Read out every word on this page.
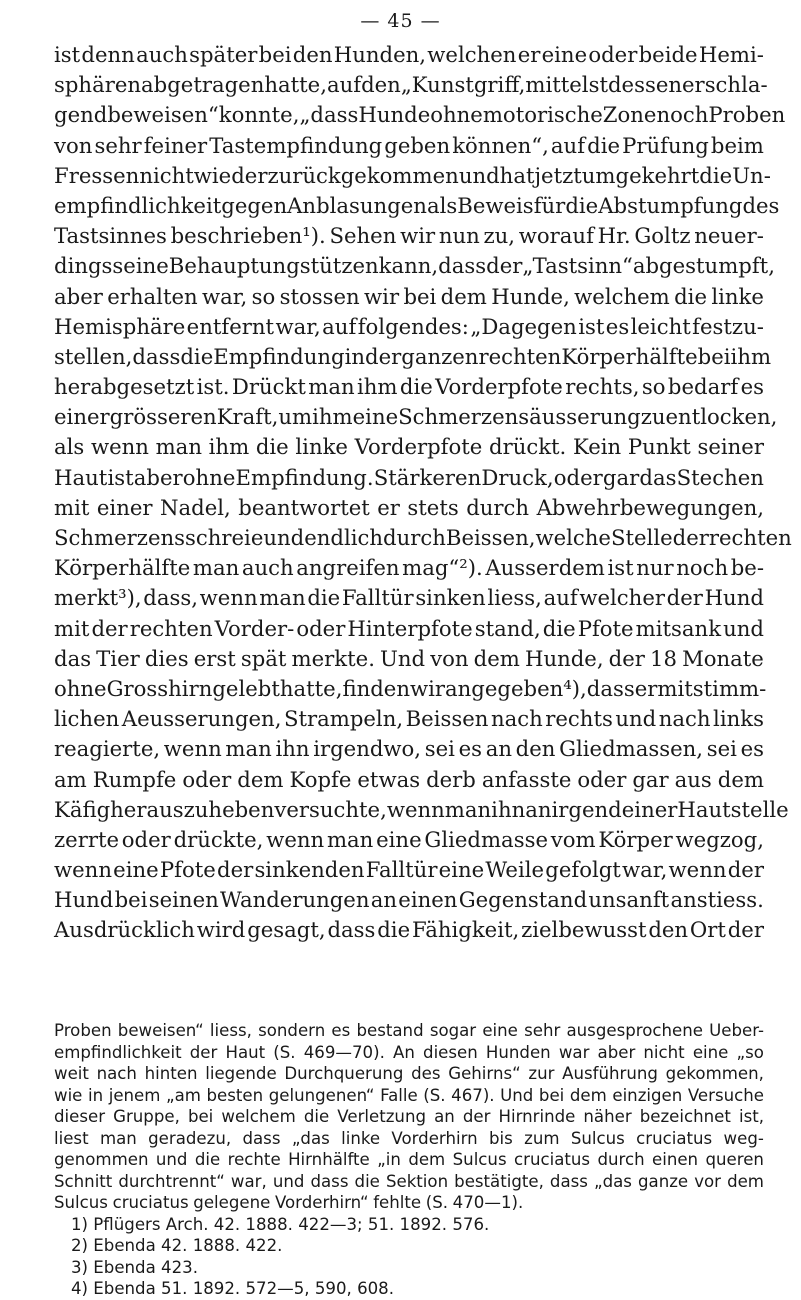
— 45 —
ist denn auch später bei den Hunden, welchen er eine oder beide Hemi-
sphären abgetragen hatte, auf den „Kunstgriff, mittelst dessen er schla-
gend beweisen“ konnte, „dass Hunde ohne motorische Zone noch Proben
von sehr feiner Tastempfindung geben können“, auf die Prüfung beim
Fressen nicht wieder zurückgekommen und hat jetzt umgekehrt die Un-
empfindlichkeit gegen Anblasungen als Beweis für die Abstumpfung des
Tastsinnes beschrieben¹). Sehen wir nun zu, worauf Hr. Goltz neuer-
dings seine Behauptung stützen kann, dass der „Tastsinn“ abgestumpft,
aber erhalten war, so stossen wir bei dem Hunde, welchem die linke
Hemisphäre entfernt war, auf folgendes: „Dagegen ist es leicht festzu-
stellen, dass die Empfindung in der ganzen rechten Körperhälfte bei ihm
herabgesetzt ist. Drückt man ihm die Vorderpfote rechts, so bedarf es
einer grösseren Kraft, um ihm eine Schmerzensäusserung zu entlocken,
als wenn man ihm die linke Vorderpfote drückt. Kein Punkt seiner
Haut ist aber ohne Empfindung. Stärkeren Druck, oder gar das Stechen
mit einer Nadel, beantwortet er stets durch Abwehrbewegungen,
Schmerzensschreie und endlich durch Beissen, welche Stelle der rechten
Körperhälfte man auch angreifen mag“²). Ausserdem ist nur noch be-
merkt³), dass, wenn man die Falltür sinken liess, auf welcher der Hund
mit der rechten Vorder- oder Hinterpfote stand, die Pfote mitsank und
das Tier dies erst spät merkte. Und von dem Hunde, der 18 Monate
ohne Grosshirn gelebt hatte, finden wir angegeben⁴), dass er mit stimm-
lichen Aeusserungen, Strampeln, Beissen nach rechts und nach links
reagierte, wenn man ihn irgendwo, sei es an den Gliedmassen, sei es
am Rumpfe oder dem Kopfe etwas derb anfasste oder gar aus dem
Käfig herauszuheben versuchte, wenn man ihn an irgend einer Hautstelle
zerrte oder drückte, wenn man eine Gliedmasse vom Körper wegzog,
wenn eine Pfote der sinkenden Falltür eine Weile gefolgt war, wenn der
Hund bei seinen Wanderungen an einen Gegenstand unsanft anstiess.
Ausdrücklich wird gesagt, dass die Fähigkeit, zielbewusst den Ort der
Proben beweisen“ liess, sondern es bestand sogar eine sehr ausgesprochene Ueber-
empfindlichkeit der Haut (S. 469—70). An diesen Hunden war aber nicht eine „so
weit nach hinten liegende Durchquerung des Gehirns“ zur Ausführung gekommen,
wie in jenem „am besten gelungenen“ Falle (S. 467). Und bei dem einzigen Versuche
dieser Gruppe, bei welchem die Verletzung an der Hirnrinde näher bezeichnet ist,
liest man geradezu, dass „das linke Vorderhirn bis zum Sulcus cruciatus weg-
genommen und die rechte Hirnhälfte „in dem Sulcus cruciatus durch einen queren
Schnitt durchtrennt“ war, und dass die Sektion bestätigte, dass „das ganze vor dem
Sulcus cruciatus gelegene Vorderhirn“ fehlte (S. 470—1).
1) Pflügers Arch. 42. 1888. 422—3; 51. 1892. 576.
2) Ebenda 42. 1888. 422.
3) Ebenda 423.
4) Ebenda 51. 1892. 572—5, 590, 608.
